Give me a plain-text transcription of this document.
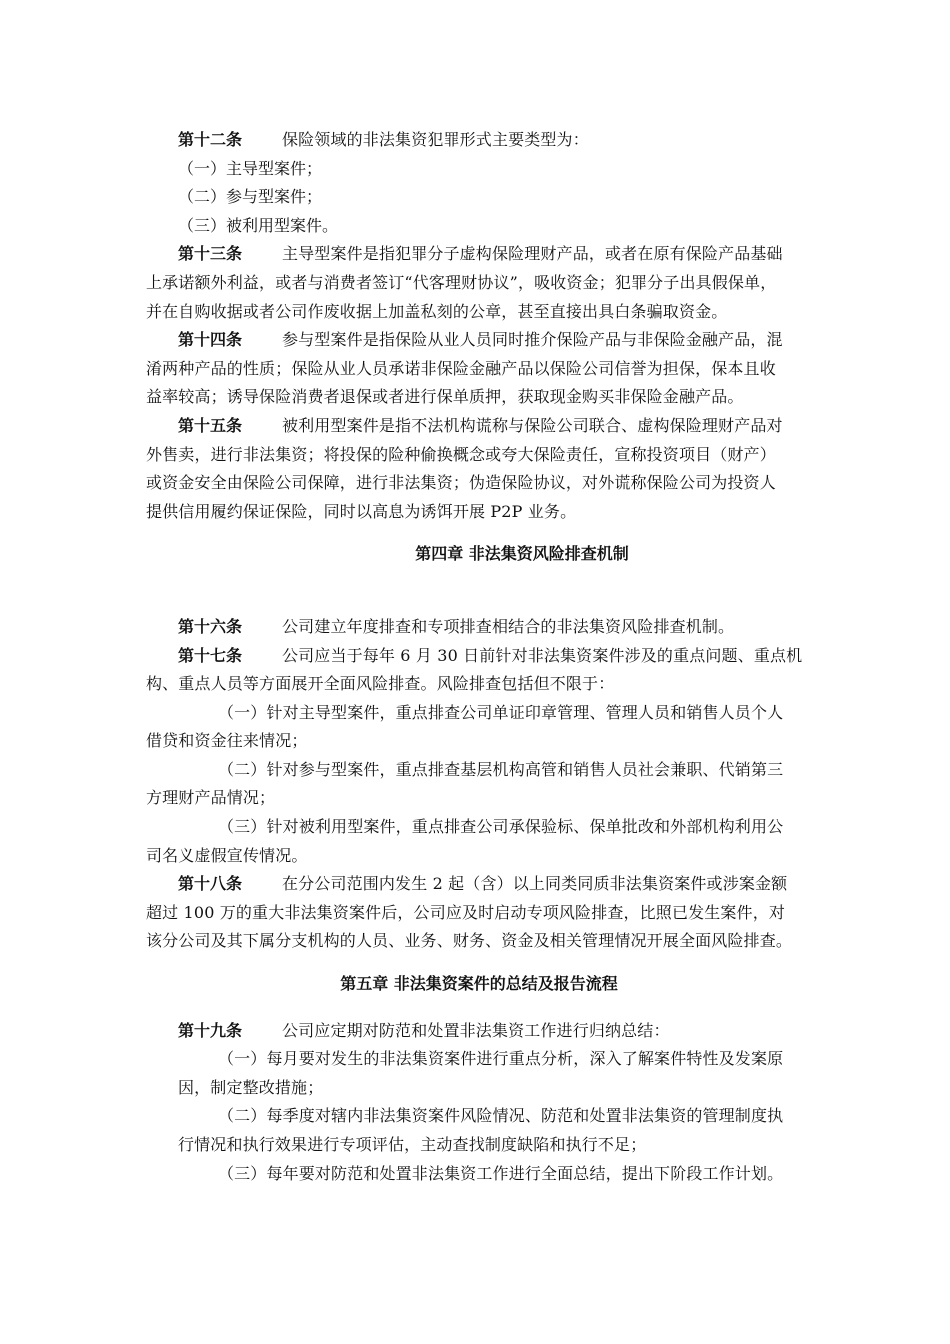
第十二条 保险领域的非法集资犯罪形式主要类型为：
（一）主导型案件；
（二）参与型案件；
（三）被利用型案件。
第十三条 主导型案件是指犯罪分子虚构保险理财产品，或者在原有保险产品基础
上承诺额外利益，或者与消费者签订“代客理财协议”，吸收资金；犯罪分子出具假保单，
并在自购收据或者公司作废收据上加盖私刻的公章，甚至直接出具白条骗取资金。
第十四条 参与型案件是指保险从业人员同时推介保险产品与非保险金融产品，混
淆两种产品的性质；保险从业人员承诺非保险金融产品以保险公司信誉为担保，保本且收
益率较高；诱导保险消费者退保或者进行保单质押，获取现金购买非保险金融产品。
第十五条 被利用型案件是指不法机构谎称与保险公司联合、虚构保险理财产品对
外售卖，进行非法集资；将投保的险种偷换概念或夸大保险责任，宣称投资项目（财产）
或资金安全由保险公司保障，进行非法集资；伪造保险协议，对外谎称保险公司为投资人
提供信用履约保证保险，同时以高息为诱饵开展 P2P 业务。
第四章 非法集资风险排查机制
第十六条 公司建立年度排查和专项排查相结合的非法集资风险排查机制。
第十七条 公司应当于每年 6 月 30 日前针对非法集资案件涉及的重点问题、重点机
构、重点人员等方面展开全面风险排查。风险排查包括但不限于：
（一）针对主导型案件，重点排查公司单证印章管理、管理人员和销售人员个人
借贷和资金往来情况；
（二）针对参与型案件，重点排查基层机构高管和销售人员社会兼职、代销第三
方理财产品情况；
（三）针对被利用型案件，重点排查公司承保验标、保单批改和外部机构利用公
司名义虚假宣传情况。
第十八条 在分公司范围内发生 2 起（含）以上同类同质非法集资案件或涉案金额
超过 100 万的重大非法集资案件后，公司应及时启动专项风险排查，比照已发生案件，对
该分公司及其下属分支机构的人员、业务、财务、资金及相关管理情况开展全面风险排查。
第五章 非法集资案件的总结及报告流程
第十九条 公司应定期对防范和处置非法集资工作进行归纳总结：
（一）每月要对发生的非法集资案件进行重点分析，深入了解案件特性及发案原
因，制定整改措施；
（二）每季度对辖内非法集资案件风险情况、防范和处置非法集资的管理制度执
行情况和执行效果进行专项评估，主动查找制度缺陷和执行不足；
（三）每年要对防范和处置非法集资工作进行全面总结，提出下阶段工作计划。
